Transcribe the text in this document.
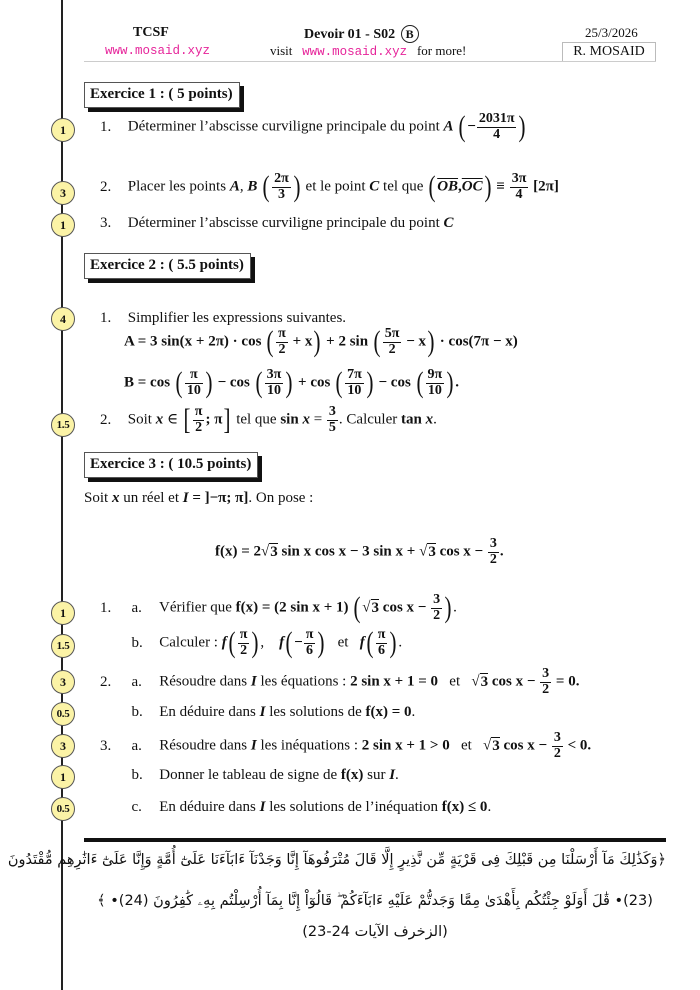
TCSF	Devoir 01 - S02 B	25/3/2026
www.mosaid.xyz	visit www.mosaid.xyz for more!	R. MOSAID
Exercice 1 : ( 5 points)
1	1. Déterminer l’abscisse curviligne principale du point A ( − $\frac{2031\pi}{4}$ )
3	2. Placer les points A, B ( $\frac{2\pi}{3}$ ) et le point C tel que ( $\overline{OB},\overline{OC}) \equiv \frac{3\pi}{4} [2\pi]$
1	3. Déterminer l’abscisse curviligne principale du point C
Exercice 2 : ( 5.5 points)
4	1. Simplifier les expressions suivantes.
A = 3 sin(x + 2π) · cos ( $\frac{\pi}{2} + x) + 2$ sin ( $\frac{5\pi}{2} - x) \cdot \cos(7\pi - x)$
B = cos ( $\frac{\pi}{10}$ ) − cos ( $\frac{3\pi}{10}$ ) + cos ( $\frac{7\pi}{10}$ ) − cos ( $\frac{9\pi}{10}$ ) .
1.5	2. Soit x ∈ [ $\frac{\pi}{2}$ ; π] tel que $\sin x = \frac{3}{5}$ . Calculer tan x.
Exercice 3 : ( 10.5 points)
Soit x un réel et I = ]−π; π]. On pose :
f(x) = 2√3 sin x cos x − 3 sin x + √3 $\cos x - \frac{3}{2}$ .
1	1. a. Vérifier que f(x) = (2 sin x + 1) ( √3 $\cos x - \frac{3}{2}$ ) .
1.5	b. Calculer : $f( \frac{\pi}{2}$ ) , $f( - \frac{\pi}{6}$ ) et $f( \frac{\pi}{6}$ ) .
3	2. a. Résoudre dans I les équations : 2 sin x + 1 = 0 et √3 $\cos x - \frac{3}{2} = 0$.
0.5	b. En déduire dans I les solutions de f(x) = 0.
3	3. a. Résoudre dans I les inéquations : 2 sin x + 1 > 0 et √3 $\cos x - \frac{3}{2} < 0$.
1	b. Donner le tableau de signe de f(x) sur I.
0.5	c. En déduire dans I les solutions de l’inéquation f(x) ≤ 0.
﴿وَكَذَٰلِكَ مَآ أَرْسَلْنَا مِن قَبْلِكَ فِى قَرْيَةٍ مِّن نَّذِيرٍ إِلَّا قَالَ مُتْرَفُوهَآ إِنَّا وَجَدْنَآ ءَابَآءَنَا عَلَىٰٓ أُمَّةٍ وَإِنَّا عَلَىٰٓ ءَاثَٰرِهِم مُّقْتَدُونَ
(23)• قَٰلَ أَوَلَوْ جِئْتُكُم بِأَهْدَىٰ مِمَّا وَجَدتُّمْ عَلَيْهِ ءَابَآءَكُمْ ۖ قَالُوٓاْ إِنَّا بِمَآ أُرْسِلْتُم بِهِۦ كَٰفِرُونَ (24)• ﴾
(الزخرف الآيات 24-23)
